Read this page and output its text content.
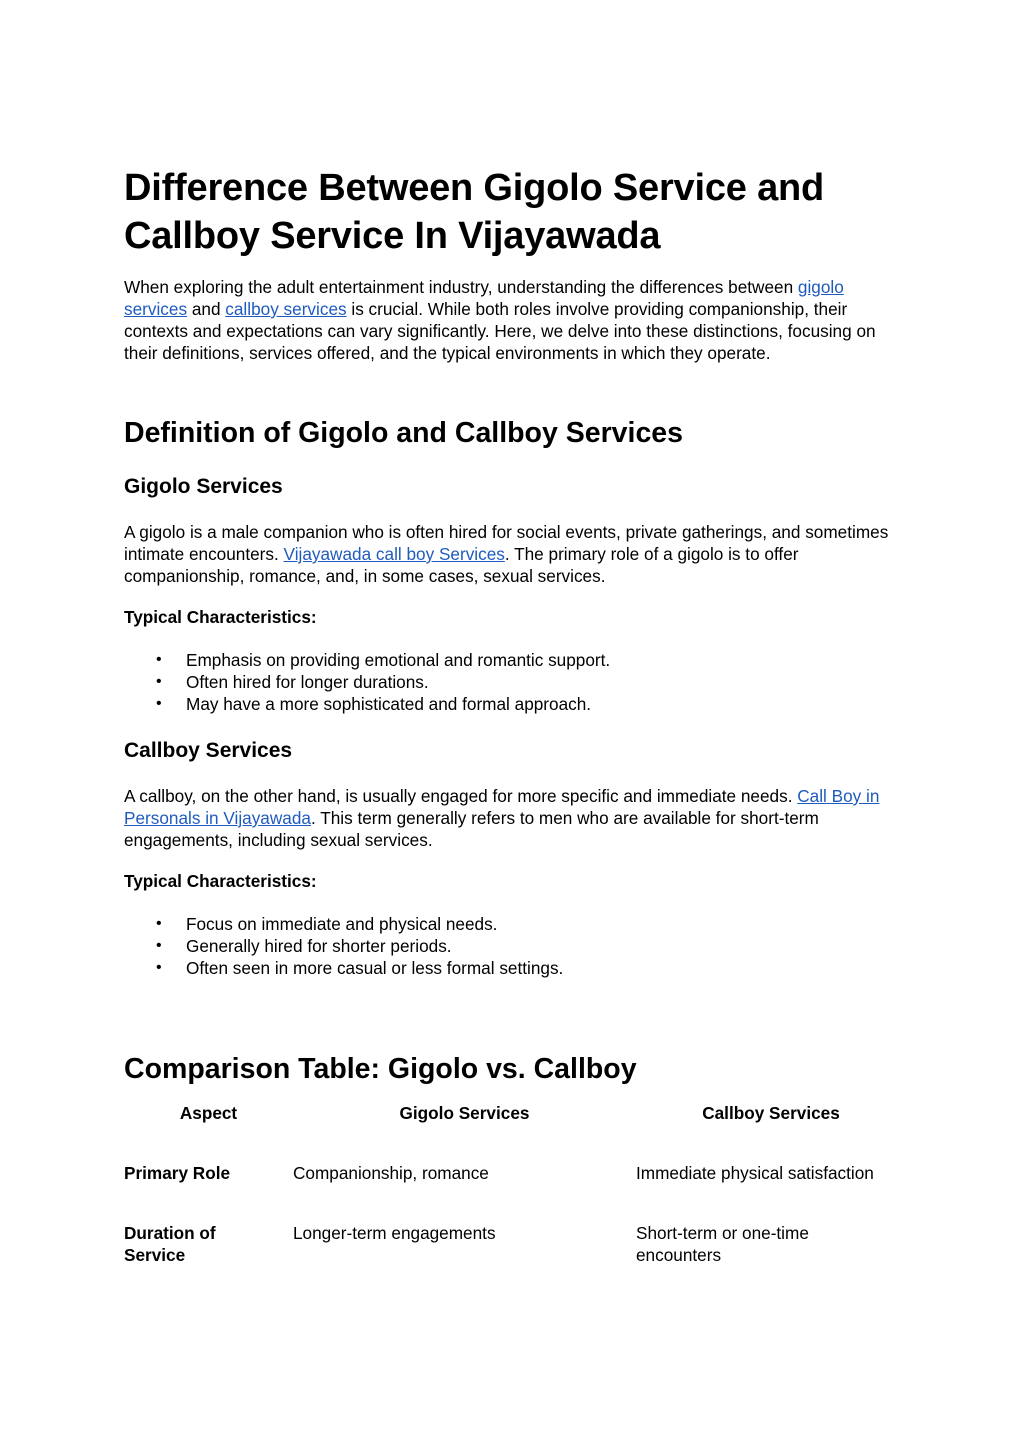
Difference Between Gigolo Service and Callboy Service In Vijayawada

When exploring the adult entertainment industry, understanding the differences between gigolo services and callboy services is crucial. While both roles involve providing companionship, their contexts and expectations can vary significantly. Here, we delve into these distinctions, focusing on their definitions, services offered, and the typical environments in which they operate.

Definition of Gigolo and Callboy Services
Gigolo Services

A gigolo is a male companion who is often hired for social events, private gatherings, and sometimes intimate encounters. Vijayawada call boy Services. The primary role of a gigolo is to offer companionship, romance, and, in some cases, sexual services.

Typical Characteristics:
• Emphasis on providing emotional and romantic support.
• Often hired for longer durations.
• May have a more sophisticated and formal approach.
Callboy Services

A callboy, on the other hand, is usually engaged for more specific and immediate needs. Call Boy in Personals in Vijayawada. This term generally refers to men who are available for short-term engagements, including sexual services.

Typical Characteristics:
• Focus on immediate and physical needs.
• Generally hired for shorter periods.
• Often seen in more casual or less formal settings.
Comparison Table: Gigolo vs. Callboy
Aspect	Gigolo Services	Callboy Services
Primary Role	Companionship, romance	Immediate physical satisfaction
Duration of Service	Longer-term engagements	Short-term or one-time encounters
